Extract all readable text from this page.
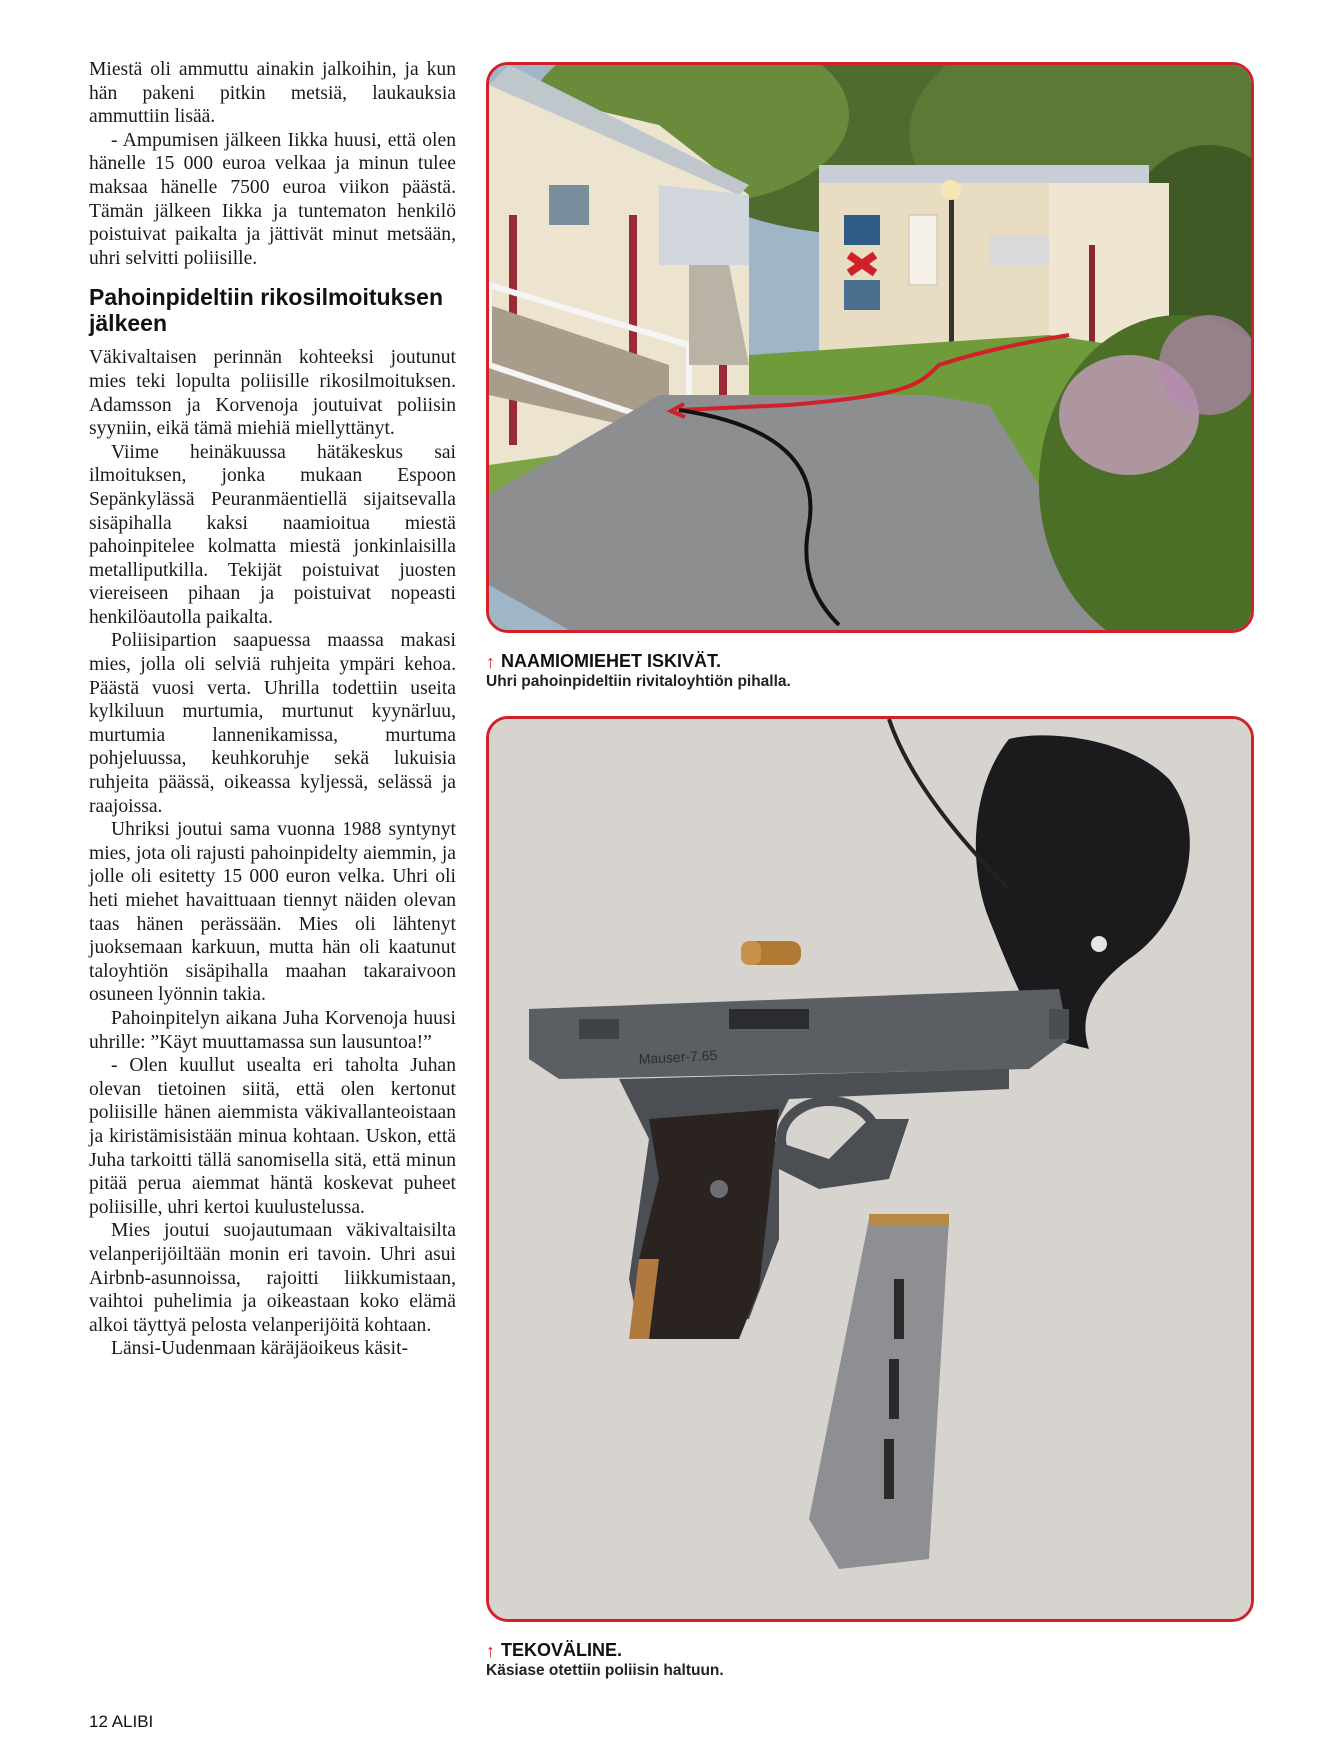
Miestä oli ammuttu ainakin jalkoihin, ja kun hän pakeni pitkin metsiä, laukauksia ammuttiin lisää.

- Ampumisen jälkeen Iikka huusi, että olen hänelle 15 000 euroa velkaa ja minun tulee maksaa hänelle 7500 euroa viikon päästä. Tämän jälkeen Iikka ja tuntematon henkilö poistuivat paikalta ja jättivät minut metsään, uhri selvitti poliisille.

Pahoinpideltiin rikosilmoituksen jälkeen

Väkivaltaisen perinnän kohteeksi joutunut mies teki lopulta poliisille rikosilmoituksen. Adamsson ja Korvenoja joutuivat poliisin syyniin, eikä tämä miehiä miellyttänyt.

Viime heinäkuussa hätäkeskus sai ilmoituksen, jonka mukaan Espoon Sepänkylässä Peuranmäentiellä sijaitsevalla sisäpihalla kaksi naamioitua miestä pahoinpitelee kolmatta miestä jonkinlaisilla metalliputkilla. Tekijät poistuivat juosten viereiseen pihaan ja poistuivat nopeasti henkilöautolla paikalta.

Poliisipartion saapuessa maassa makasi mies, jolla oli selviä ruhjeita ympäri kehoa. Päästä vuosi verta. Uhrilla todettiin useita kylkiluun murtumia, murtunut kyynärluu, murtumia lannenikamissa, murtuma pohjeluussa, keuhkoruhje sekä lukuisia ruhjeita päässä, oikeassa kyljessä, selässä ja raajoissa.

Uhriksi joutui sama vuonna 1988 syntynyt mies, jota oli rajusti pahoinpidelty aiemmin, ja jolle oli esitetty 15 000 euron velka. Uhri oli heti miehet havaittuaan tiennyt näiden olevan taas hänen perässään. Mies oli lähtenyt juoksemaan karkuun, mutta hän oli kaatunut taloyhtiön sisäpihalla maahan takaraivoon osuneen lyönnin takia.

Pahoinpitelyn aikana Juha Korvenoja huusi uhrille: ”Käyt muuttamassa sun lausuntoa!”

- Olen kuullut usealta eri taholta Juhan olevan tietoinen siitä, että olen kertonut poliisille hänen aiemmista väkivallanteoistaan ja kiristämisistään minua kohtaan. Uskon, että Juha tarkoitti tällä sanomisella sitä, että minun pitää perua aiemmat häntä koskevat puheet poliisille, uhri kertoi kuulustelussa.

Mies joutui suojautumaan väkivaltaisilta velanperijöiltään monin eri tavoin. Uhri asui Airbnb-asunnoissa, rajoitti liikkumistaan, vaihtoi puhelimia ja oikeastaan koko elämä alkoi täyttyä pelosta velanperijöitä kohtaan.

Länsi-Uudenmaan käräjäoikeus käsit-

↑ NAAMIOMIEHET ISKIVÄT.
Uhri pahoinpideltiin rivitaloyhtiön pihalla.
Mauser-7.65
↑ TEKOVÄLINE.
Käsiase otettiin poliisin haltuun.
12 ALIBI
